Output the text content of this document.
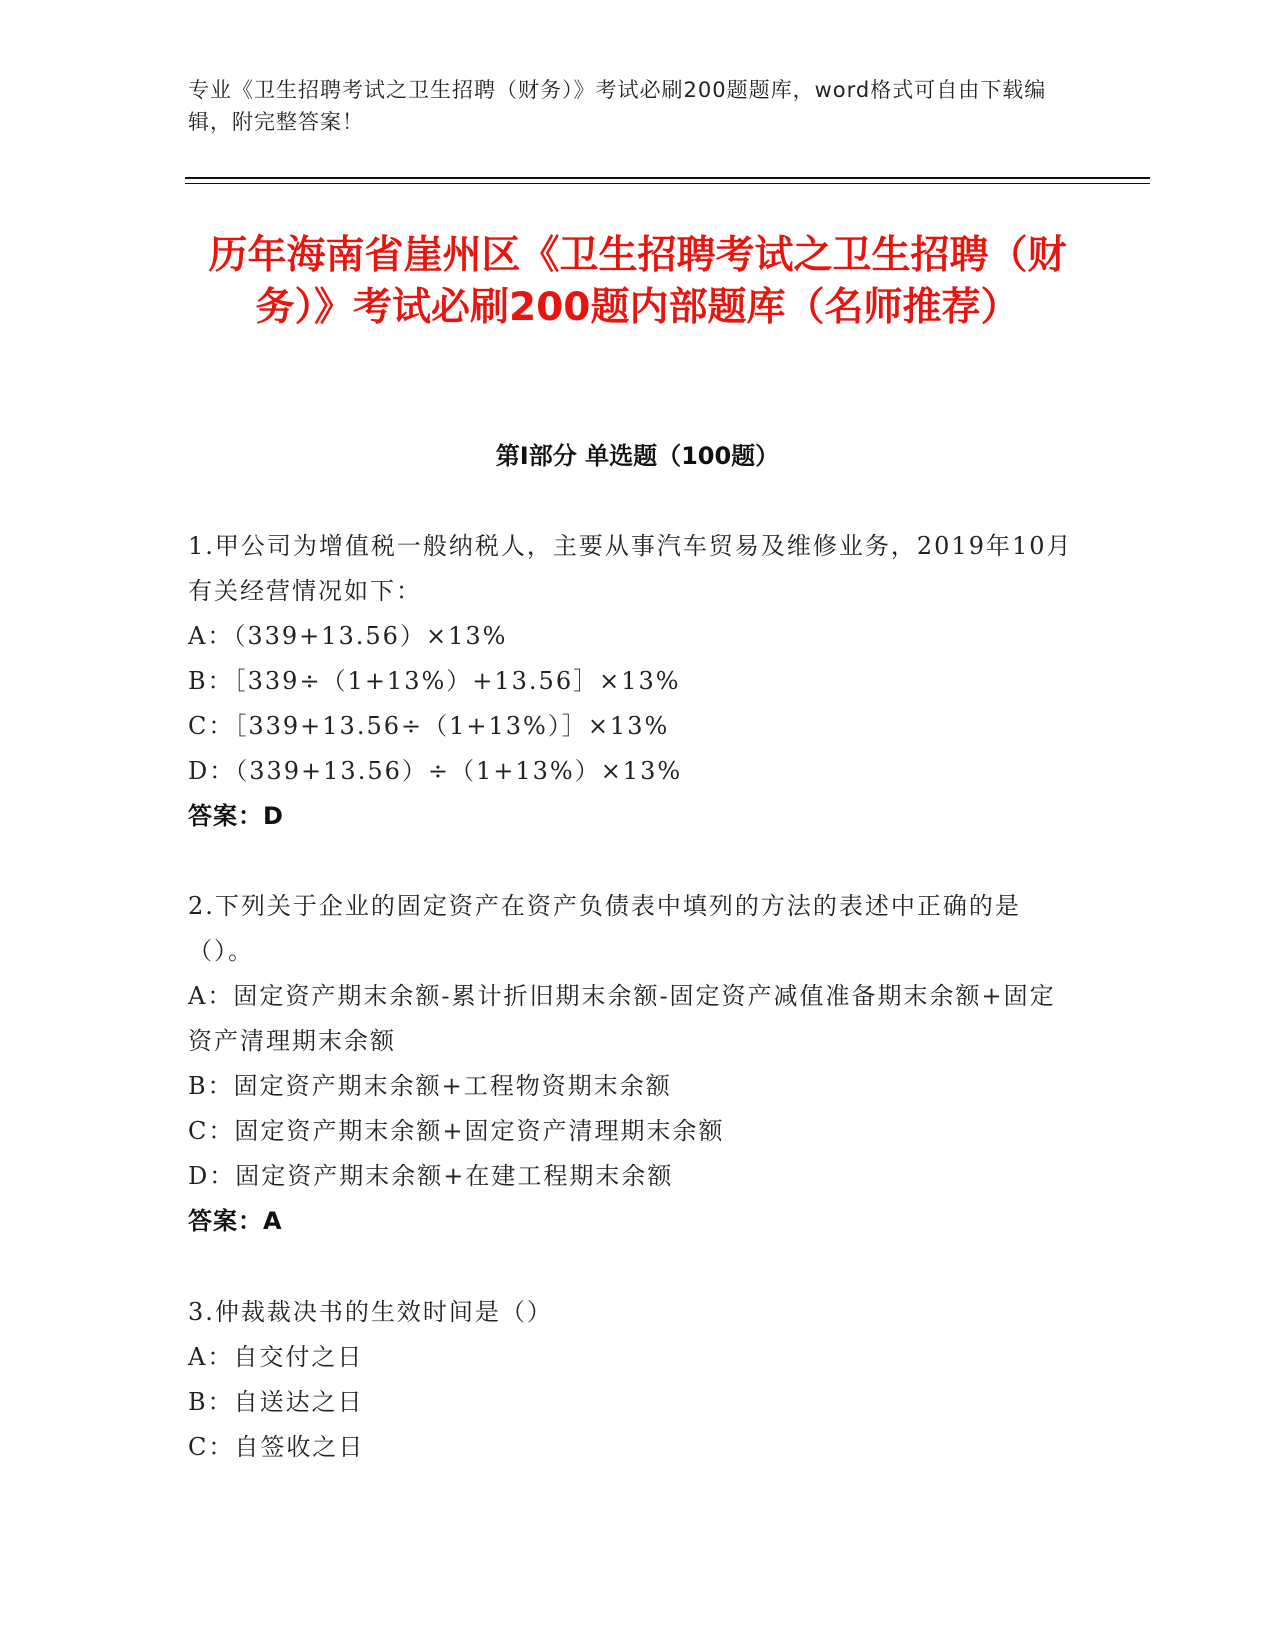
专业《卫生招聘考试之卫生招聘（财务）》考试必刷200题题库，word格式可自由下载编辑，附完整答案！
历年海南省崖州区《卫生招聘考试之卫生招聘（财务）》考试必刷200题内部题库（名师推荐）
第Ⅰ部分 单选题（100题）

1.甲公司为增值税一般纳税人，主要从事汽车贸易及维修业务，2019年10月有关经营情况如下：

A：（339+13.56）×13%

B：［339÷（1+13%）+13.56］×13%

C：［339+13.56÷（1+13%）］×13%

D：（339+13.56）÷（1+13%）×13%

答案：D

2.下列关于企业的固定资产在资产负债表中填列的方法的表述中正确的是（）。

A：固定资产期末余额-累计折旧期末余额-固定资产减值准备期末余额+固定资产清理期末余额

B：固定资产期末余额+工程物资期末余额

C：固定资产期末余额+固定资产清理期末余额

D：固定资产期末余额+在建工程期末余额

答案：A

3.仲裁裁决书的生效时间是（）

A：自交付之日

B：自送达之日

C：自签收之日
